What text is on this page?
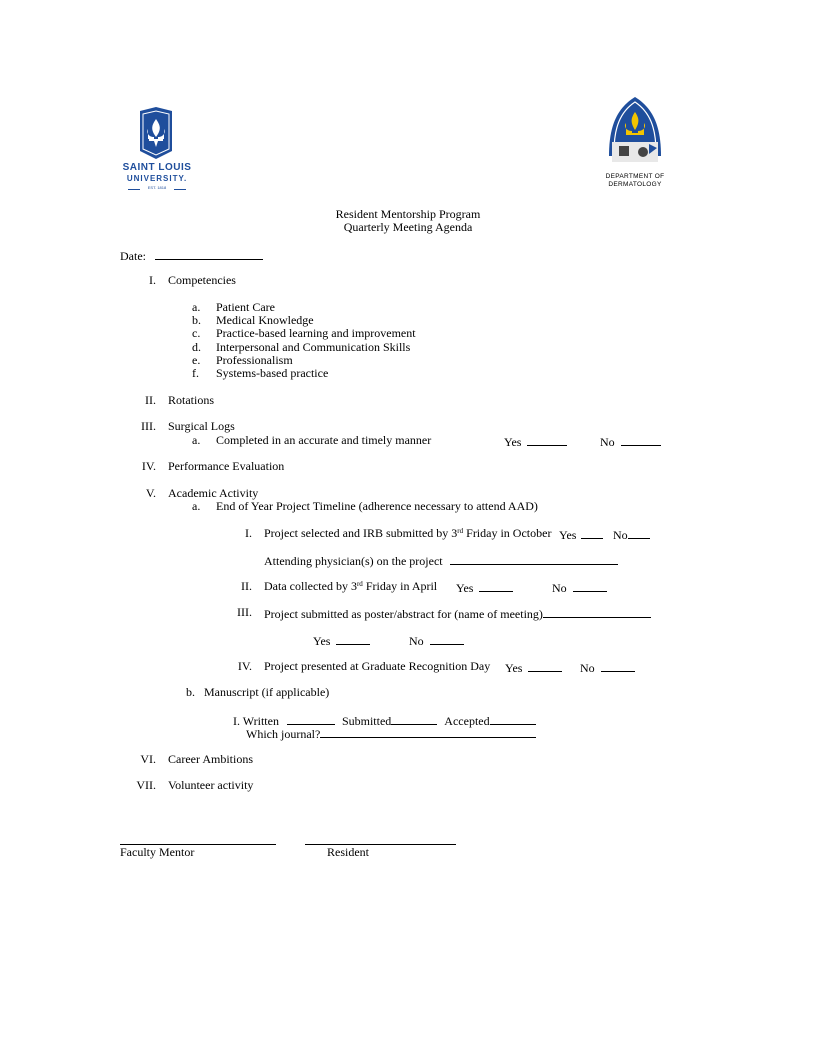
SAINT LOUIS
UNIVERSITY.
EST. 1818
DEPARTMENT OF
DERMATOLOGY
Resident Mentorship Program
Quarterly Meeting Agenda
Date:
I. Competencies
a. Patient Care
b. Medical Knowledge
c. Practice-based learning and improvement
d. Interpersonal and Communication Skills
e. Professionalism
f. Systems-based practice
II. Rotations
III. Surgical Logs
a. Completed in an accurate and timely manner	Yes	No
IV. Performance Evaluation
V. Academic Activity
a. End of Year Project Timeline (adherence necessary to attend AAD)
I. Project selected and IRB submitted by 3rd Friday in October Yes	No
Attending physician(s) on the project
II. Data collected by 3rd Friday in April Yes	No
III. Project submitted as poster/abstract for (name of meeting)
Yes	No
IV. Project presented at Graduate Recognition Day Yes	No
b. Manuscript (if applicable)
I. Written	Submitted	Accepted
Which journal?
VI. Career Ambitions
VII. Volunteer activity
Faculty Mentor	Resident
